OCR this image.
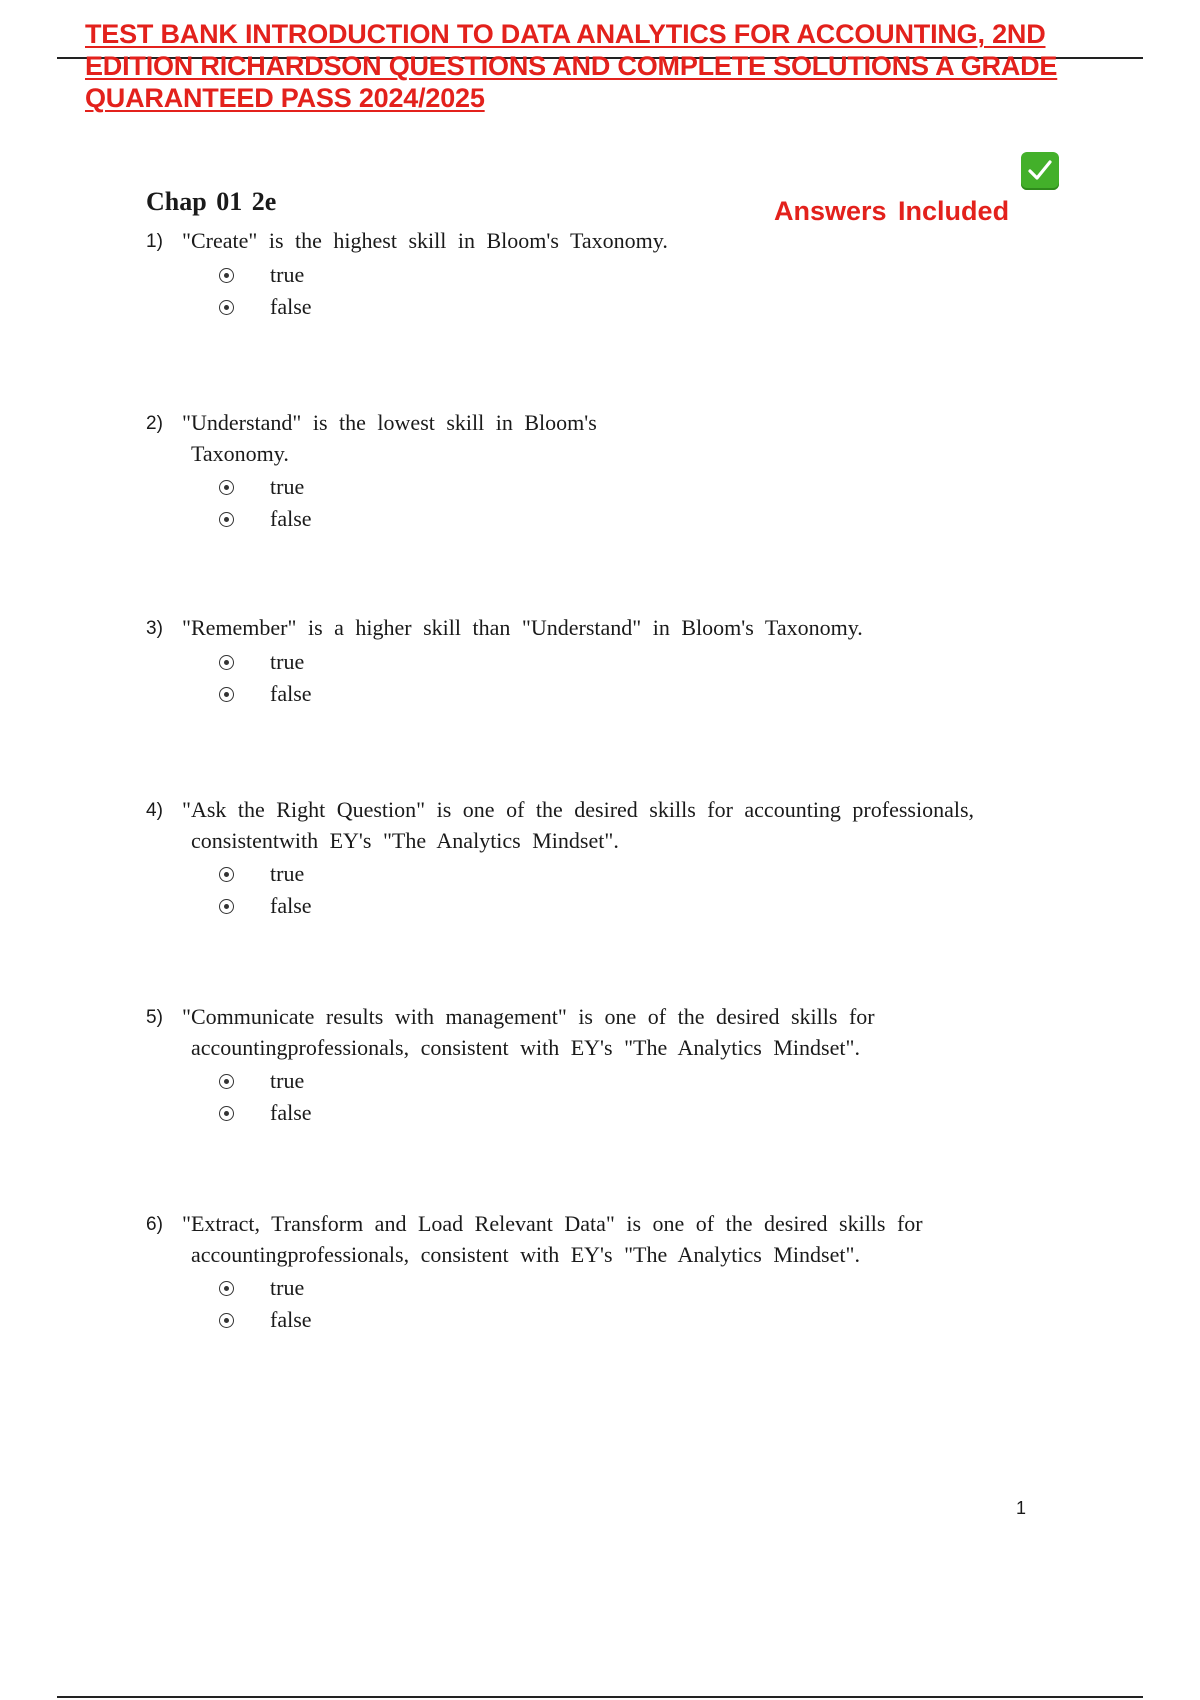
TEST BANK INTRODUCTION TO DATA ANALYTICS FOR ACCOUNTING, 2ND
EDITION RICHARDSON QUESTIONS AND COMPLETE SOLUTIONS A GRADE
QUARANTEED PASS 2024/2025
Answers Included
Chap 01 2e
1) "Create" is the highest skill in Bloom's Taxonomy.
true
false
2) "Understand" is the lowest skill in Bloom's
Taxonomy.
true
false
3) "Remember" is a higher skill than "Understand" in Bloom's Taxonomy.
true
false
4) "Ask the Right Question" is one of the desired skills for accounting professionals,
consistentwith EY's "The Analytics Mindset".
true
false
5) "Communicate results with management" is one of the desired skills for
accountingprofessionals, consistent with EY's "The Analytics Mindset".
true
false
6) "Extract, Transform and Load Relevant Data" is one of the desired skills for
accountingprofessionals, consistent with EY's "The Analytics Mindset".
true
false
1
